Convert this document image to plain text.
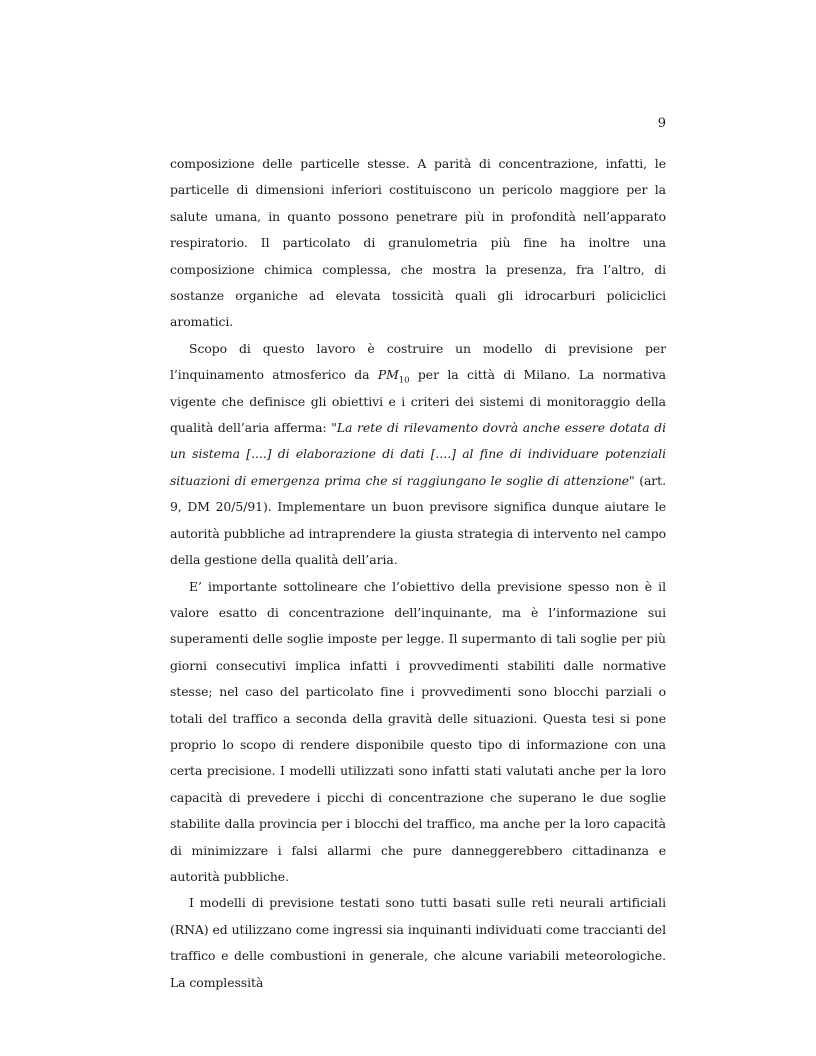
9

composizione delle particelle stesse. A parità di concentrazione, infatti, le particelle di dimensioni inferiori costituiscono un pericolo maggiore per la salute umana, in quanto possono penetrare più in profondità nell’apparato respiratorio. Il particolato di granulometria più fine ha inoltre una composizione chimica complessa, che mostra la presenza, fra l’altro, di sostanze organiche ad elevata tossicità quali gli idrocarburi policiclici aromatici.

Scopo di questo lavoro è costruire un modello di previsione per l’inquinamento atmosferico da $PM_{10}$ per la città di Milano. La normativa vigente che definisce gli obiettivi e i criteri dei sistemi di monitoraggio della qualità dell’aria afferma: "La rete di rilevamento dovrà anche essere dotata di un sistema [....] di elaborazione di dati [....] al fine di individuare potenziali situazioni di emergenza prima che si raggiungano le soglie di attenzione" (art. 9, DM 20/5/91). Implementare un buon previsore significa dunque aiutare le autorità pubbliche ad intraprendere la giusta strategia di intervento nel campo della gestione della qualità dell’aria.

E’ importante sottolineare che l’obiettivo della previsione spesso non è il valore esatto di concentrazione dell’inquinante, ma è l’informazione sui superamenti delle soglie imposte per legge. Il supermanto di tali soglie per più giorni consecutivi implica infatti i provvedimenti stabiliti dalle normative stesse; nel caso del particolato fine i provvedimenti sono blocchi parziali o totali del traffico a seconda della gravità delle situazioni. Questa tesi si pone proprio lo scopo di rendere disponibile questo tipo di informazione con una certa precisione. I modelli utilizzati sono infatti stati valutati anche per la loro capacità di prevedere i picchi di concentrazione che superano le due soglie stabilite dalla provincia per i blocchi del traffico, ma anche per la loro capacità di minimizzare i falsi allarmi che pure danneggerebbero cittadinanza e autorità pubbliche.

I modelli di previsione testati sono tutti basati sulle reti neurali artificiali (RNA) ed utilizzano come ingressi sia inquinanti individuati come traccianti del traffico e delle combustioni in generale, che alcune variabili meteorologiche. La complessità
